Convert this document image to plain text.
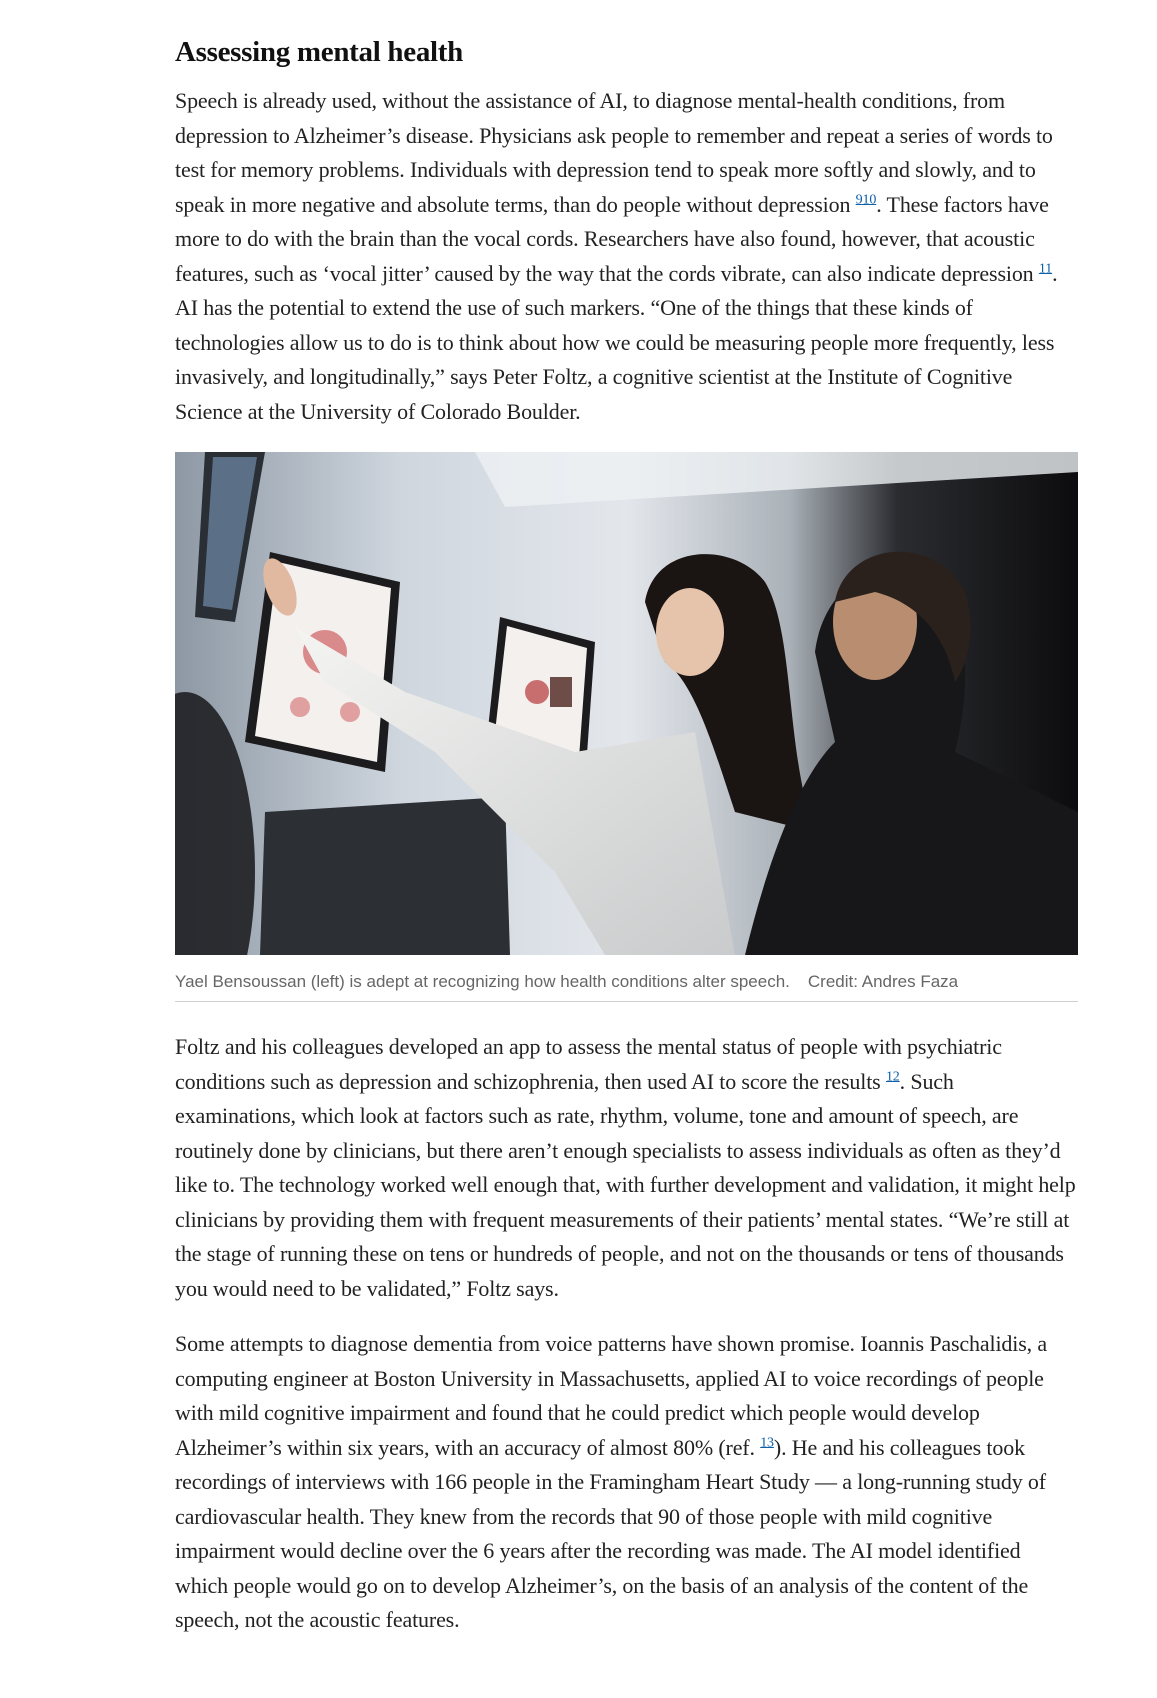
Assessing mental health

Speech is already used, without the assistance of AI, to diagnose mental-health conditions, from depression to Alzheimer’s disease. Physicians ask people to remember and repeat a series of words to test for memory problems. Individuals with depression tend to speak more softly and slowly, and to speak in more negative and absolute terms, than do people without depression $^{910}$. These factors have more to do with the brain than the vocal cords. Researchers have also found, however, that acoustic features, such as ‘vocal jitter’ caused by the way that the cords vibrate, can also indicate depression $^{11}$. AI has the potential to extend the use of such markers. “One of the things that these kinds of technologies allow us to do is to think about how we could be measuring people more frequently, less invasively, and longitudinally,” says Peter Foltz, a cognitive scientist at the Institute of Cognitive Science at the University of Colorado Boulder.

Yael Bensoussan (left) is adept at recognizing how health conditions alter speech. Credit: Andres Faza

Foltz and his colleagues developed an app to assess the mental status of people with psychiatric conditions such as depression and schizophrenia, then used AI to score the results $^{12}$. Such examinations, which look at factors such as rate, rhythm, volume, tone and amount of speech, are routinely done by clinicians, but there aren’t enough specialists to assess individuals as often as they’d like to. The technology worked well enough that, with further development and validation, it might help clinicians by providing them with frequent measurements of their patients’ mental states. “We’re still at the stage of running these on tens or hundreds of people, and not on the thousands or tens of thousands you would need to be validated,” Foltz says.

Some attempts to diagnose dementia from voice patterns have shown promise. Ioannis Paschalidis, a computing engineer at Boston University in Massachusetts, applied AI to voice recordings of people with mild cognitive impairment and found that he could predict which people would develop Alzheimer’s within six years, with an accuracy of almost 80% (ref. $^{13}$). He and his colleagues took recordings of interviews with 166 people in the Framingham Heart Study — a long-running study of cardiovascular health. They knew from the records that 90 of those people with mild cognitive impairment would decline over the 6 years after the recording was made. The AI model identified which people would go on to develop Alzheimer’s, on the basis of an analysis of the content of the speech, not the acoustic features.
